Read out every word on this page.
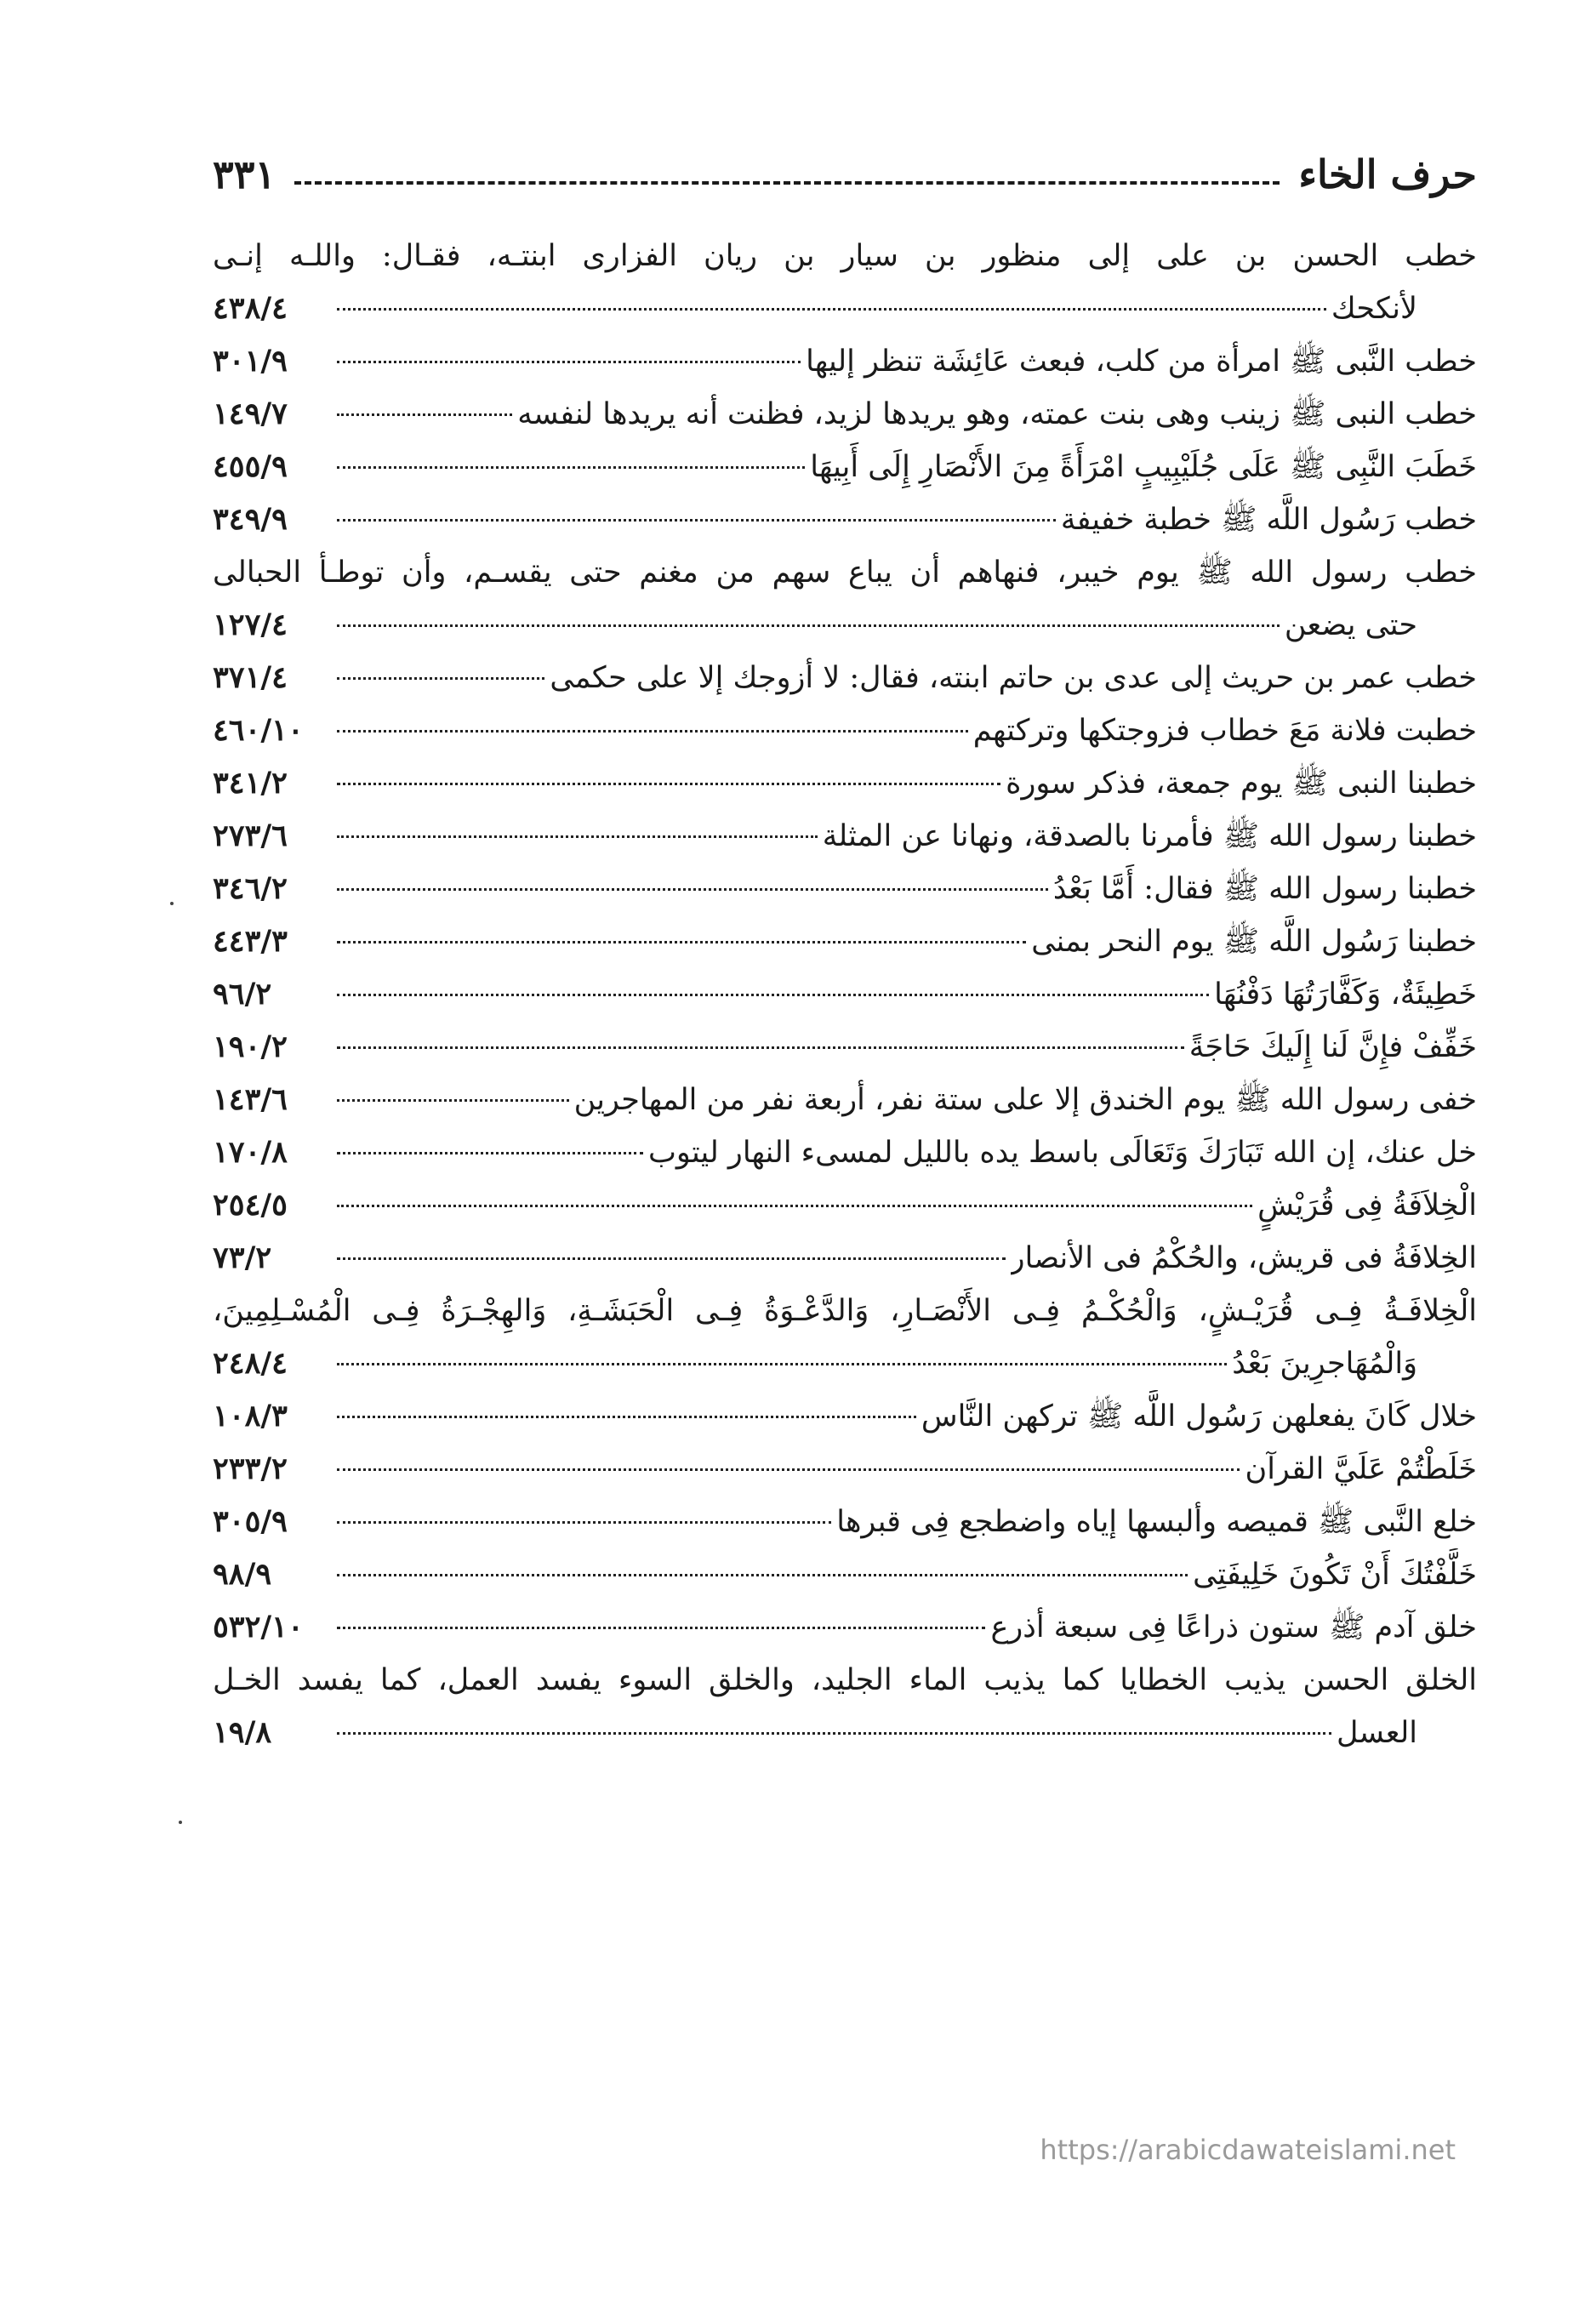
حرف الخاء
٣٣١
خطب الحسن بن على إلى منظور بن سيار بن ريان الفزارى ابنتـه، فقـال: واللـه إنـى
لأنكحك
٤٣٨/٤
خطب النَّبى ﷺ امرأة من كلب، فبعث عَائِشَة تنظر إليها
٣٠١/٩
خطب النبى ﷺ زينب وهى بنت عمته، وهو يريدها لزيد، فظنت أنه يريدها لنفسه
١٤٩/٧
خَطَبَ النَّبِى ﷺ عَلَى جُلَيْبِيبٍ امْرَأَةً مِنَ الأَنْصَارِ إِلَى أَبِيهَا
٤٥٥/٩
خطب رَسُول اللَّه ﷺ خطبة خفيفة
٣٤٩/٩
خطب رسول الله ﷺ يوم خيبر، فنهاهم أن يباع سهم من مغنم حتى يقسـم، وأن توطـأ الحبالى
حتى يضعن
١٢٧/٤
خطب عمر بن حريث إلى عدى بن حاتم ابنته، فقال: لا أزوجك إلا على حكمى
٣٧١/٤
خطبت فلانة مَعَ خطاب فزوجتكها وتركتهم
٤٦٠/١٠
خطبنا النبى ﷺ يوم جمعة، فذكر سورة
٣٤١/٢
خطبنا رسول الله ﷺ فأمرنا بالصدقة، ونهانا عن المثلة
٢٧٣/٦
خطبنا رسول الله ﷺ فقال: أَمَّا بَعْدُ
٣٤٦/٢
خطبنا رَسُول اللَّه ﷺ يوم النحر بمنى
٤٤٣/٣
خَطِيئَةٌ، وَكَفَّارَتُهَا دَفْنُهَا
٩٦/٢
خَفِّفْ فإِنَّ لَنا إِلَيكَ حَاجَةً
١٩٠/٢
خفى رسول الله ﷺ يوم الخندق إلا على ستة نفر، أربعة نفر من المهاجرين
١٤٣/٦
خل عنك، إن الله تَبَارَكَ وَتَعَالَى باسط يده بالليل لمسىء النهار ليتوب
١٧٠/٨
الْخِلاَفَةُ فِى قُرَيْشٍ
٢٥٤/٥
الخِلافَةُ فى قريش، والحُكْمُ فى الأنصار
٧٣/٢
الْخِلافَـةُ فِـى قُرَيْـشٍ، وَالْحُكْـمُ فِـى الأَنْصَـارِ، وَالدَّعْـوَةُ فِـى الْحَبَشَـةِ، وَالهِجْـرَةُ فِـى الْمُسْـلِمِينَ،
وَالْمُهَاجرِينَ بَعْدُ
٢٤٨/٤
خلال كَانَ يفعلهن رَسُول اللَّه ﷺ تركهن النَّاس
١٠٨/٣
خَلَطْتُمْ عَلَيَّ القرآن
٢٣٣/٢
خلع النَّبى ﷺ قميصه وألبسها إياه واضطجع فِى قبرها
٣٠٥/٩
خَلَّفْتُكَ أَنْ تَكُونَ خَلِيفَتِى
٩٨/٩
خلق آدم ﷺ ستون ذراعًا فِى سبعة أذرع
٥٣٢/١٠
الخلق الحسن يذيب الخطايا كما يذيب الماء الجليد، والخلق السوء يفسد العمل، كما يفسد الخـل
العسل
١٩/٨
https://arabicdawateislami.net
